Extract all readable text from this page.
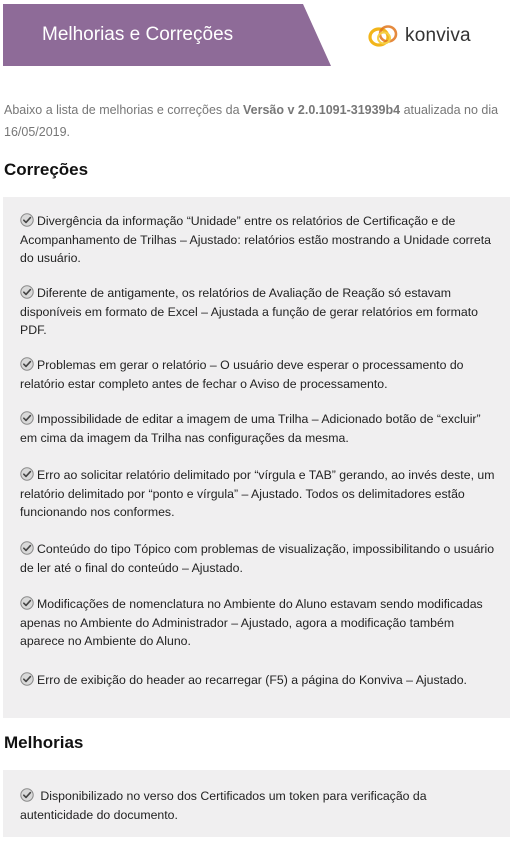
Melhorias e Correções	konviva
Abaixo a lista de melhorias e correções da Versão v 2.0.1091-31939b4 atualizada no dia 16/05/2019.
Correções
Divergência da informação “Unidade” entre os relatórios de Certificação e de Acompanhamento de Trilhas – Ajustado: relatórios estão mostrando a Unidade correta do usuário.
Diferente de antigamente, os relatórios de Avaliação de Reação só estavam disponíveis em formato de Excel – Ajustada a função de gerar relatórios em formato PDF.
Problemas em gerar o relatório – O usuário deve esperar o processamento do relatório estar completo antes de fechar o Aviso de processamento.
Impossibilidade de editar a imagem de uma Trilha – Adicionado botão de “excluir” em cima da imagem da Trilha nas configurações da mesma.
Erro ao solicitar relatório delimitado por “vírgula e TAB” gerando, ao invés deste, um relatório delimitado por “ponto e vírgula” – Ajustado. Todos os delimitadores estão funcionando nos conformes.
Conteúdo do tipo Tópico com problemas de visualização, impossibilitando o usuário de ler até o final do conteúdo – Ajustado.
Modificações de nomenclatura no Ambiente do Aluno estavam sendo modificadas apenas no Ambiente do Administrador – Ajustado, agora a modificação também aparece no Ambiente do Aluno.
Erro de exibição do header ao recarregar (F5) a página do Konviva – Ajustado.
Melhorias
Disponibilizado no verso dos Certificados um token para verificação da autenticidade do documento.
